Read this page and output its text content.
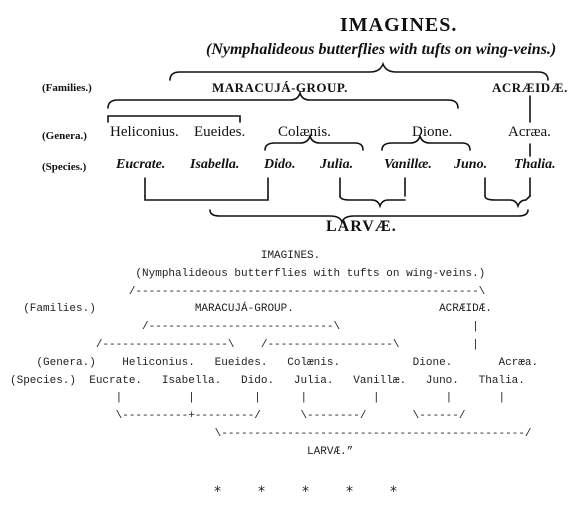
IMAGINES.
(Nymphalideous butterflies with tufts on wing-veins.)
(Families.)
(Genera.)
(Species.)
MARACUJÁ-GROUP.	ACRÆIDÆ.
Heliconius. Eueides. Colænis.	Dione.	Acræa.
Eucrate. Isabella. Dido. Julia. Vanillæ. Juno. Thalia.
LARVÆ.
IMAGINES.
(Nymphalideous butterflies with tufts on wing-veins.)
/----------------------------------------------------\
(Families.)               MARACUJÁ-GROUP.                      ACRÆIDÆ.
/----------------------------\                    |
/-------------------\    /-------------------\           |
(Genera.)    Heliconius.   Eueides.   Colænis.           Dione.       Acræa.
(Species.)  Eucrate.   Isabella.   Dido.   Julia.   Vanillæ.   Juno.   Thalia.
|          |         |      |          |          |       |
\----------+---------/      \--------/       \------/
\----------------------------------------------/
LARVÆ.”

*	*	*	*	*
